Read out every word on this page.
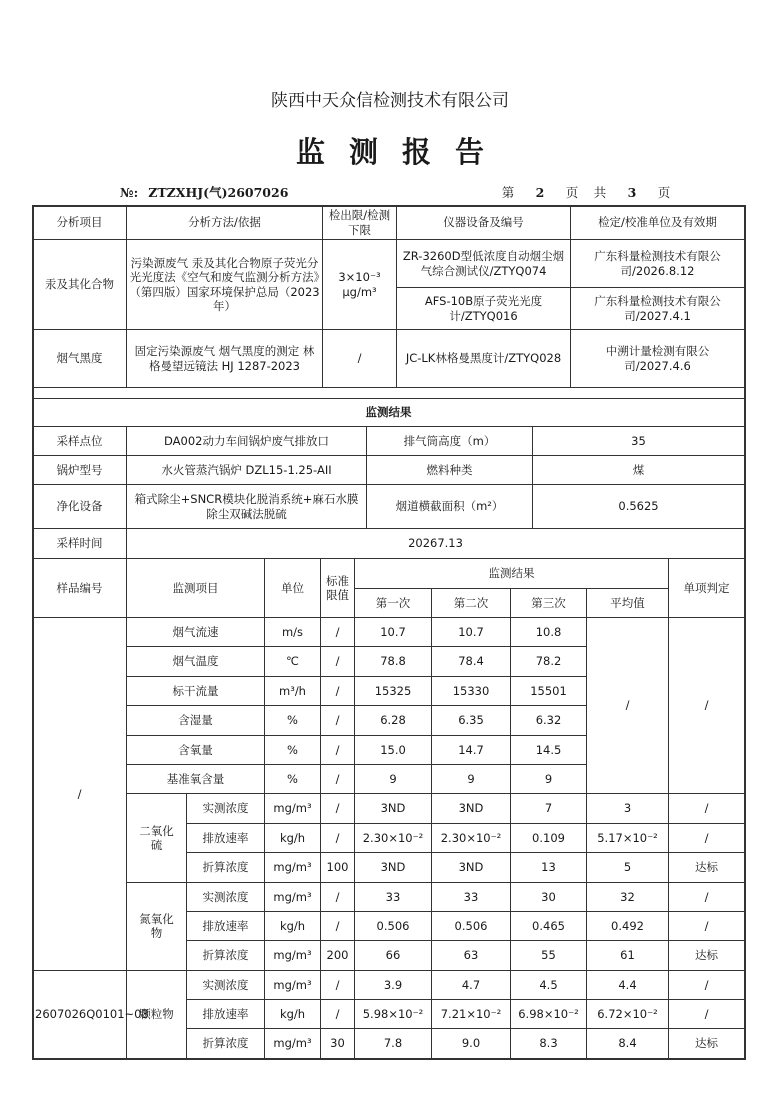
陕西中天众信检测技术有限公司
监测报告
№: ZTZXHJ(气)2607026	第 2 页 共 3 页
分析项目	分析方法/依据	检出限/检测下限	仪器设备及编号	检定/校准单位及有效期
汞及其化合物	污染源废气 汞及其化合物原子荧光分光光度法《空气和废气监测分析方法》（第四版）国家环境保护总局（2023年）	3×10⁻³ μg/m³	ZR-3260D型低浓度自动烟尘烟气综合测试仪/ZTYQ074	广东科量检测技术有限公司/2026.8.12
			AFS-10B原子荧光光度计/ZTYQ016	广东科量检测技术有限公司/2027.4.1
烟气黑度	固定污染源废气 烟气黑度的测定 林格曼望远镜法 HJ 1287-2023	/	JC-LK林格曼黑度计/ZTYQ028	中溯计量检测有限公司/2027.4.6
监测结果			
采样点位	DA002动力车间锅炉废气排放口	排气筒高度（m）	35
锅炉型号	水火管蒸汽锅炉 DZL15-1.25-AII	燃料种类	煤
净化设备	箱式除尘+SNCR模块化脱消系统+麻石水膜除尘双碱法脱硫	烟道横截面积（m²）	0.5625
采样时间	20267.13		
样品编号	监测项目		单位	标准限值	监测结果				单项判定
					第一次	第二次	第三次	平均值	
/	烟气流速		m/s	/	10.7	10.7	10.8	/	/
	烟气温度		℃	/	78.8	78.4	78.2		
	标干流量		m³/h	/	15325	15330	15501		
	含湿量		%	/	6.28	6.35	6.32		
	含氧量		%	/	15.0	14.7	14.5		
	基准氧含量		%	/	9	9	9		
	二氧化硫	实测浓度	mg/m³	/	3ND	3ND	7	3	/
		排放速率	kg/h	/	2.30×10⁻²	2.30×10⁻²	0.109	5.17×10⁻²	/
		折算浓度	mg/m³	100	3ND	3ND	13	5	达标
	氮氧化物	实测浓度	mg/m³	/	33	33	30	32	/
		排放速率	kg/h	/	0.506	0.506	0.465	0.492	/
		折算浓度	mg/m³	200	66	63	55	61	达标
2607026Q0101~03	颗粒物	实测浓度	mg/m³	/	3.9	4.7	4.5	4.4	/
		排放速率	kg/h	/	5.98×10⁻²	7.21×10⁻²	6.98×10⁻²	6.72×10⁻²	/
		折算浓度	mg/m³	30	7.8	9.0	8.3	8.4	达标
